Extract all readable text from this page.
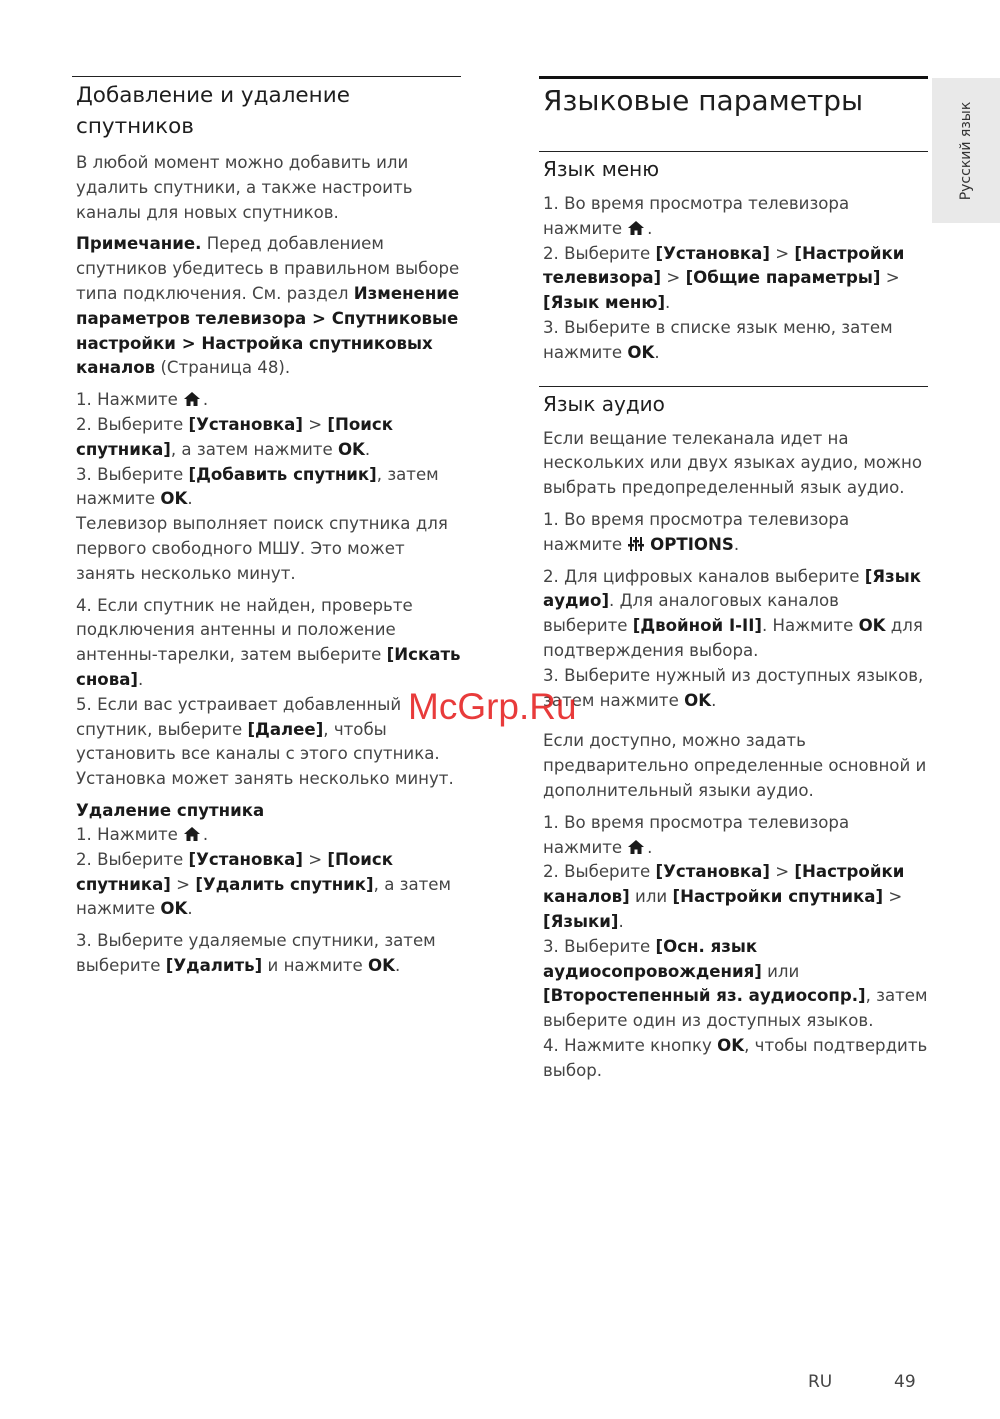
Русский язык
Добавление и удаление спутников

В любой момент можно добавить или удалить спутники, а также настроить каналы для новых спутников.

Примечание. Перед добавлением спутников убедитесь в правильном выборе типа подключения. См. раздел Изменение параметров телевизора > Спутниковые настройки > Настройка спутниковых каналов (Страница 48).

1. Нажмите .

2. Выберите [Установка] > [Поиск спутника], а затем нажмите OK.

3. Выберите [Добавить спутник], затем нажмите OK.

Телевизор выполняет поиск спутника для первого свободного МШУ. Это может занять несколько минут.

4. Если спутник не найден, проверьте подключения антенны и положение антенны-тарелки, затем выберите [Искать снова].

5. Если вас устраивает добавленный спутник, выберите [Далее], чтобы установить все каналы с этого спутника. Установка может занять несколько минут.

Удаление спутника

1. Нажмите .

2. Выберите [Установка] > [Поиск спутника] > [Удалить спутник], а затем нажмите OK.

3. Выберите удаляемые спутники, затем выберите [Удалить] и нажмите OK.

Языковые параметры
Язык меню

1. Во время просмотра телевизора нажмите .

2. Выберите [Установка] > [Настройки телевизора] > [Общие параметры] > [Язык меню].

3. Выберите в списке язык меню, затем нажмите OK.

Язык аудио

Если вещание телеканала идет на нескольких или двух языках аудио, можно выбрать предопределенный язык аудио.

1. Во время просмотра телевизора нажмите OPTIONS.

2. Для цифровых каналов выберите [Язык аудио]. Для аналоговых каналов выберите [Двойной I-II]. Нажмите OK для подтверждения выбора.

3. Выберите нужный из доступных языков, затем нажмите OK.

Если доступно, можно задать предварительно определенные основной и дополнительный языки аудио.

1. Во время просмотра телевизора нажмите .

2. Выберите [Установка] > [Настройки каналов] или [Настройки спутника] > [Языки].

3. Выберите [Осн. язык аудиосопровождения] или [Второстепенный яз. аудиосопр.], затем выберите один из доступных языков.

4. Нажмите кнопку OK, чтобы подтвердить выбор.

McGrp.Ru
RU	49
